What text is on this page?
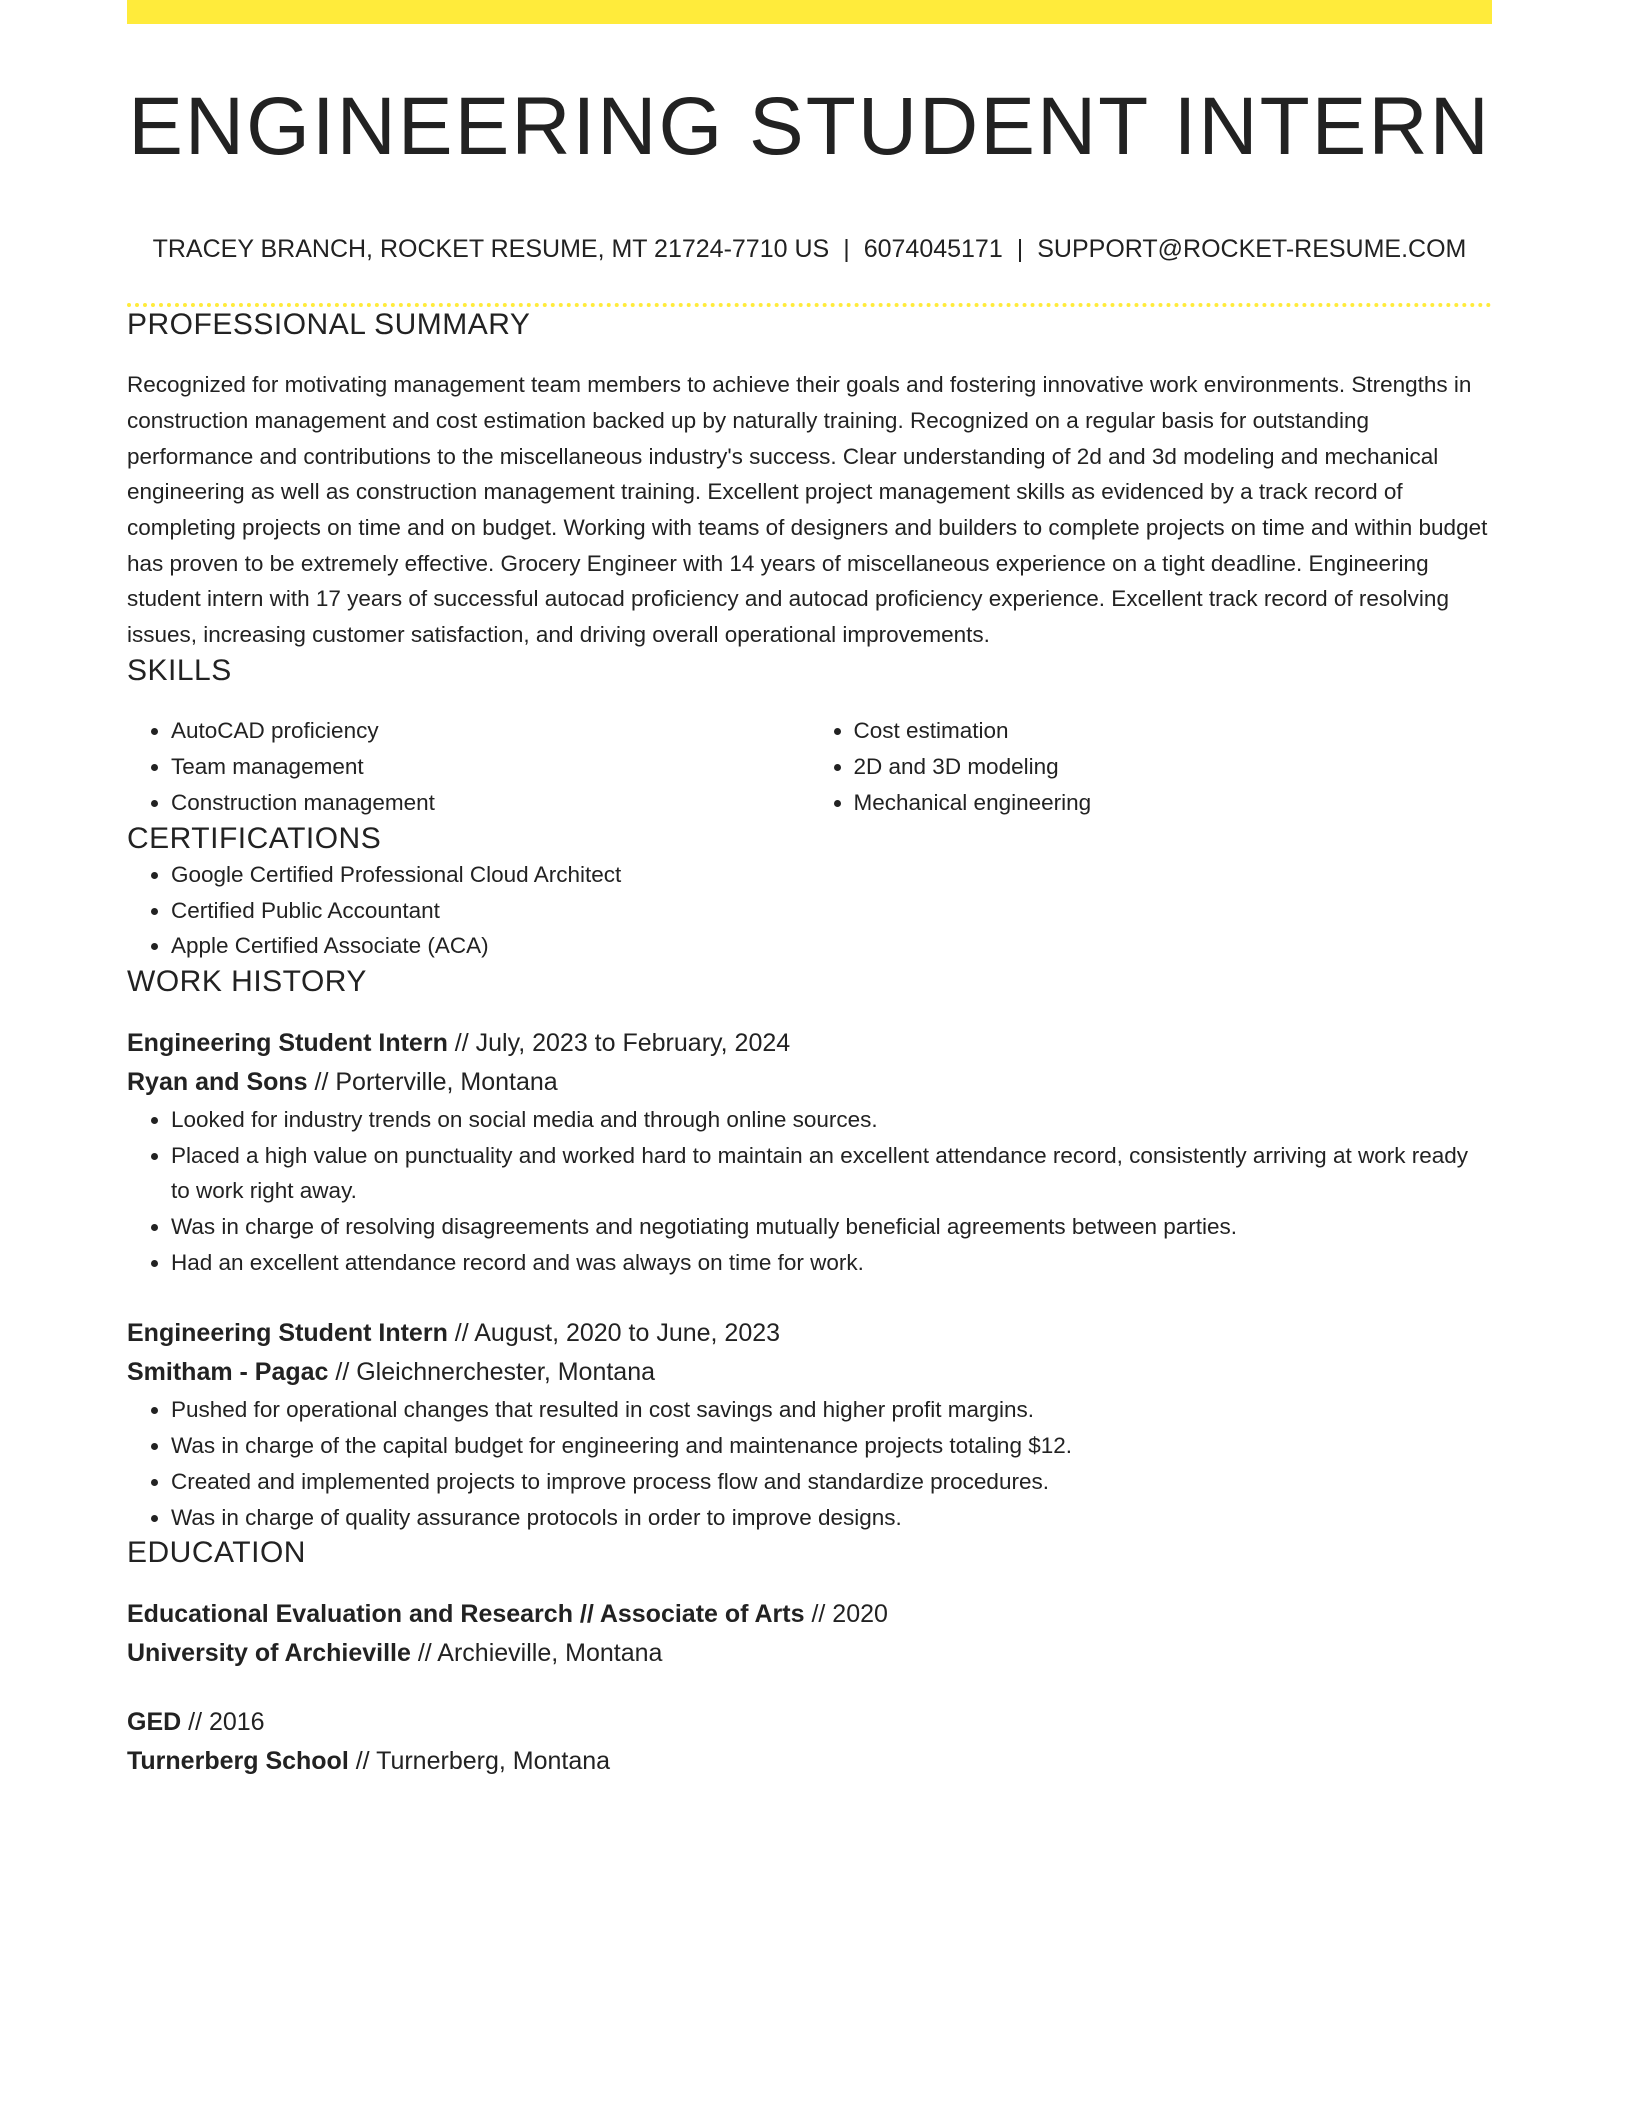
ENGINEERING STUDENT INTERN
TRACEY BRANCH, ROCKET RESUME, MT 21724-7710 US | 6074045171 | SUPPORT@ROCKET-RESUME.COM
PROFESSIONAL SUMMARY
Recognized for motivating management team members to achieve their goals and fostering innovative work environments. Strengths in construction management and cost estimation backed up by naturally training. Recognized on a regular basis for outstanding performance and contributions to the miscellaneous industry's success. Clear understanding of 2d and 3d modeling and mechanical engineering as well as construction management training. Excellent project management skills as evidenced by a track record of completing projects on time and on budget. Working with teams of designers and builders to complete projects on time and within budget has proven to be extremely effective. Grocery Engineer with 14 years of miscellaneous experience on a tight deadline. Engineering student intern with 17 years of successful autocad proficiency and autocad proficiency experience. Excellent track record of resolving issues, increasing customer satisfaction, and driving overall operational improvements.
SKILLS
• AutoCAD proficiency
• Team management
• Construction management
• Cost estimation
• 2D and 3D modeling
• Mechanical engineering
CERTIFICATIONS
• Google Certified Professional Cloud Architect
• Certified Public Accountant
• Apple Certified Associate (ACA)
WORK HISTORY
Engineering Student Intern // July, 2023 to February, 2024
Ryan and Sons // Porterville, Montana
• Looked for industry trends on social media and through online sources.
• Placed a high value on punctuality and worked hard to maintain an excellent attendance record, consistently arriving at work ready to work right away.
• Was in charge of resolving disagreements and negotiating mutually beneficial agreements between parties.
• Had an excellent attendance record and was always on time for work.
Engineering Student Intern // August, 2020 to June, 2023
Smitham - Pagac // Gleichnerchester, Montana
• Pushed for operational changes that resulted in cost savings and higher profit margins.
• Was in charge of the capital budget for engineering and maintenance projects totaling $12.
• Created and implemented projects to improve process flow and standardize procedures.
• Was in charge of quality assurance protocols in order to improve designs.
EDUCATION
Educational Evaluation and Research // Associate of Arts // 2020
University of Archieville // Archieville, Montana
GED // 2016
Turnerberg School // Turnerberg, Montana
